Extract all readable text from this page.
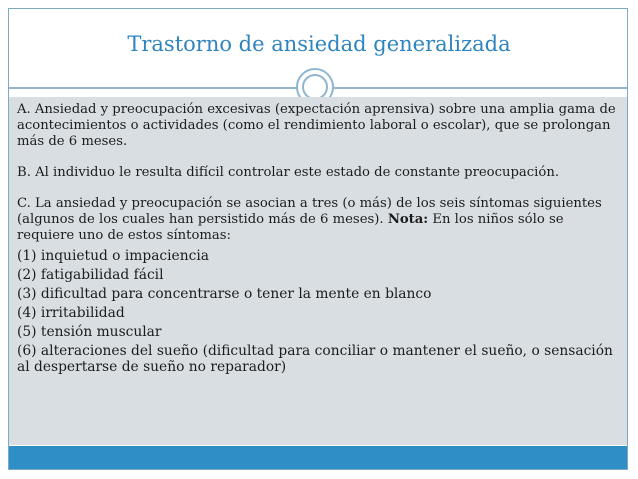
Trastorno de ansiedad generalizada

A. Ansiedad y preocupación excesivas (expectación aprensiva) sobre una amplia gama de acontecimientos o actividades (como el rendimiento laboral o escolar), que se prolongan más de 6 meses.

B. Al individuo le resulta difícil controlar este estado de constante preocupación.

C. La ansiedad y preocupación se asocian a tres (o más) de los seis síntomas siguientes (algunos de los cuales han persistido más de 6 meses). Nota: En los niños sólo se requiere uno de estos síntomas:

(1) inquietud o impaciencia

(2) fatigabilidad fácil

(3) dificultad para concentrarse o tener la mente en blanco

(4) irritabilidad

(5) tensión muscular

(6) alteraciones del sueño (dificultad para conciliar o mantener el sueño, o sensación

al despertarse de sueño no reparador)
